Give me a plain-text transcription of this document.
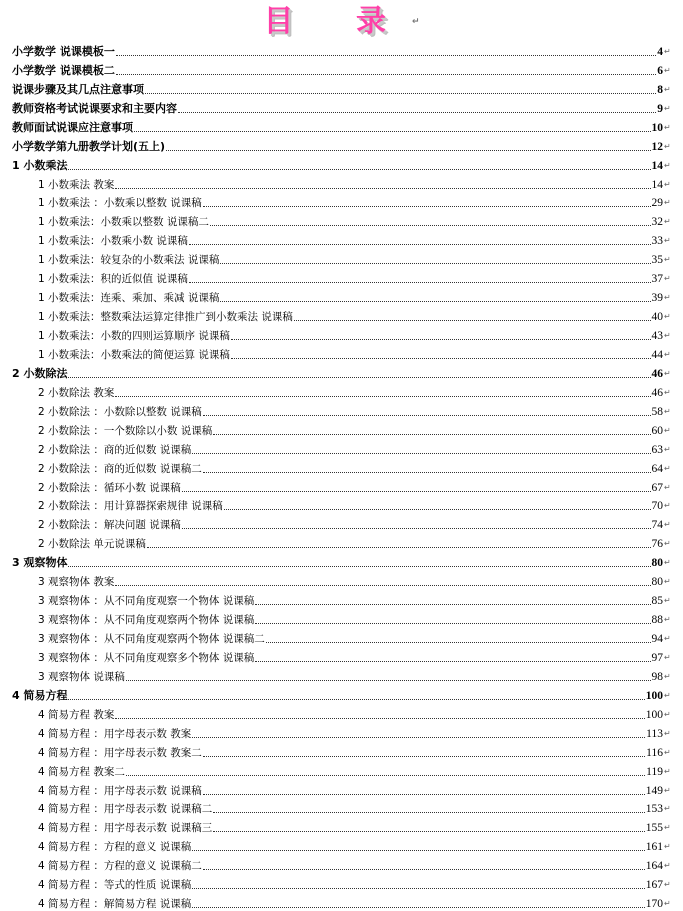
目 录↵
小学数学 说课模板一	4 ↵
小学数学 说课模板二	6 ↵
说课步骤及其几点注意事项	8 ↵
教师资格考试说课要求和主要内容	9 ↵
教师面试说课应注意事项	10 ↵
小学数学第九册教学计划(五上)	12 ↵
1 小数乘法	14 ↵
1 小数乘法 教案	14 ↵
1 小数乘法 ：小数乘以整数 说课稿	29 ↵
1 小数乘法：小数乘以整数 说课稿二	32 ↵
1 小数乘法：小数乘小数 说课稿	33 ↵
1 小数乘法：较复杂的小数乘法 说课稿	35 ↵
1 小数乘法：积的近似值 说课稿	37 ↵
1 小数乘法：连乘、乘加、乘减 说课稿	39 ↵
1 小数乘法：整数乘法运算定律推广到小数乘法 说课稿	40 ↵
1 小数乘法：小数的四则运算顺序 说课稿	43 ↵
1 小数乘法：小数乘法的简便运算 说课稿	44 ↵
2 小数除法	46 ↵
2 小数除法 教案	46 ↵
2 小数除法 ：小数除以整数 说课稿	58 ↵
2 小数除法 ：一个数除以小数 说课稿	60 ↵
2 小数除法 ：商的近似数 说课稿	63 ↵
2 小数除法 ：商的近似数 说课稿二	64 ↵
2 小数除法 ：循环小数 说课稿	67 ↵
2 小数除法 ：用计算器探索规律 说课稿	70 ↵
2 小数除法 ：解决问题 说课稿	74 ↵
2 小数除法 单元说课稿	76 ↵
3 观察物体	80 ↵
3 观察物体 教案	80 ↵
3 观察物体 ：从不同角度观察一个物体 说课稿	85 ↵
3 观察物体 ：从不同角度观察两个物体 说课稿	88 ↵
3 观察物体 ：从不同角度观察两个物体 说课稿二	94 ↵
3 观察物体 ：从不同角度观察多个物体 说课稿	97 ↵
3 观察物体 说课稿	98 ↵
4 简易方程	100 ↵
4 简易方程 教案	100 ↵
4 简易方程 ：用字母表示数 教案	113 ↵
4 简易方程 ：用字母表示数 教案二	116 ↵
4 简易方程 教案二	119 ↵
4 简易方程 ：用字母表示数 说课稿	149 ↵
4 简易方程 ：用字母表示数 说课稿二	153 ↵
4 简易方程 ：用字母表示数 说课稿三	155 ↵
4 简易方程 ：方程的意义 说课稿	161 ↵
4 简易方程 ：方程的意义 说课稿二	164 ↵
4 简易方程 ：等式的性质 说课稿	167 ↵
4 简易方程 ：解简易方程 说课稿	170 ↵
